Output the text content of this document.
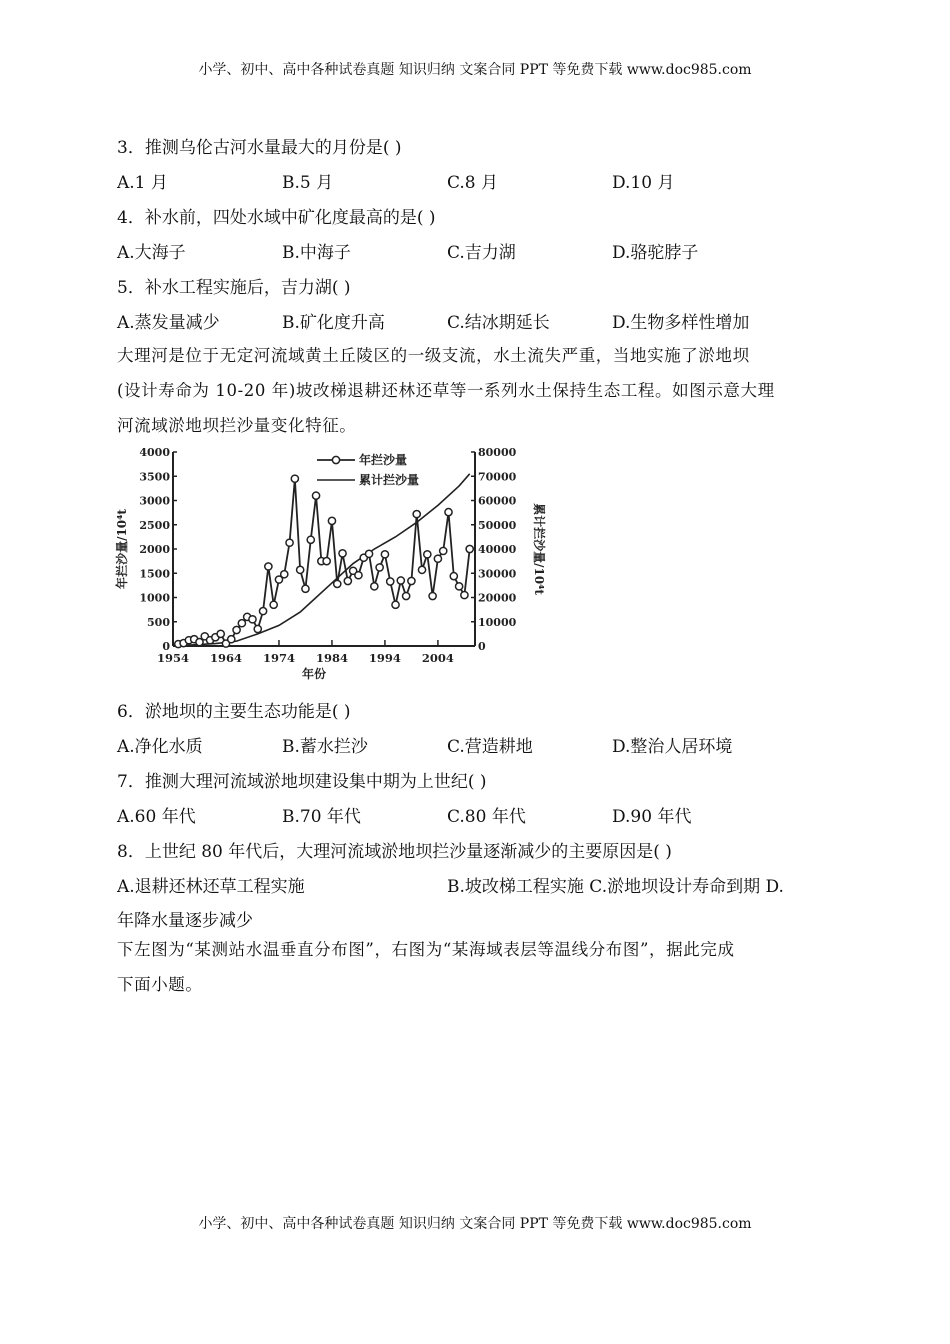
小学、初中、高中各种试卷真题 知识归纳 文案合同 PPT 等免费下载 www.doc985.com
3．推测乌伦古河水量最大的月份是( )
A.1 月	B.5 月	C.8 月	D.10 月
4．补水前，四处水域中矿化度最高的是( )
A.大海子	B.中海子	C.吉力湖	D.骆驼脖子
5．补水工程实施后，吉力湖( )
A.蒸发量减少	B.矿化度升高	C.结冰期延长	D.生物多样性增加
大理河是位于无定河流域黄土丘陵区的一级支流，水土流失严重，当地实施了淤地坝
(设计寿命为 10-20 年)坡改梯退耕还林还草等一系列水土保持生态工程。如图示意大理
河流域淤地坝拦沙量变化特征。
0
500
1000
1500
2000
2500
3000
3500
4000
0
10000
20000
30000
40000
50000
60000
70000
80000
1954 1964 1974 1984 1994 2004
年份
年拦沙量/10⁴t	累计拦沙量/10⁴t
年拦沙量
累计拦沙量
6．淤地坝的主要生态功能是( )
A.净化水质	B.蓄水拦沙	C.营造耕地	D.整治人居环境
7．推测大理河流域淤地坝建设集中期为上世纪( )
A.60 年代	B.70 年代	C.80 年代	D.90 年代
8．上世纪 80 年代后，大理河流域淤地坝拦沙量逐渐减少的主要原因是( )
A.退耕还林还草工程实施	B.坡改梯工程实施 C.淤地坝设计寿命到期 D.
年降水量逐步减少
下左图为“某测站水温垂直分布图”，右图为“某海域表层等温线分布图”，据此完成
下面小题。
小学、初中、高中各种试卷真题 知识归纳 文案合同 PPT 等免费下载 www.doc985.com
